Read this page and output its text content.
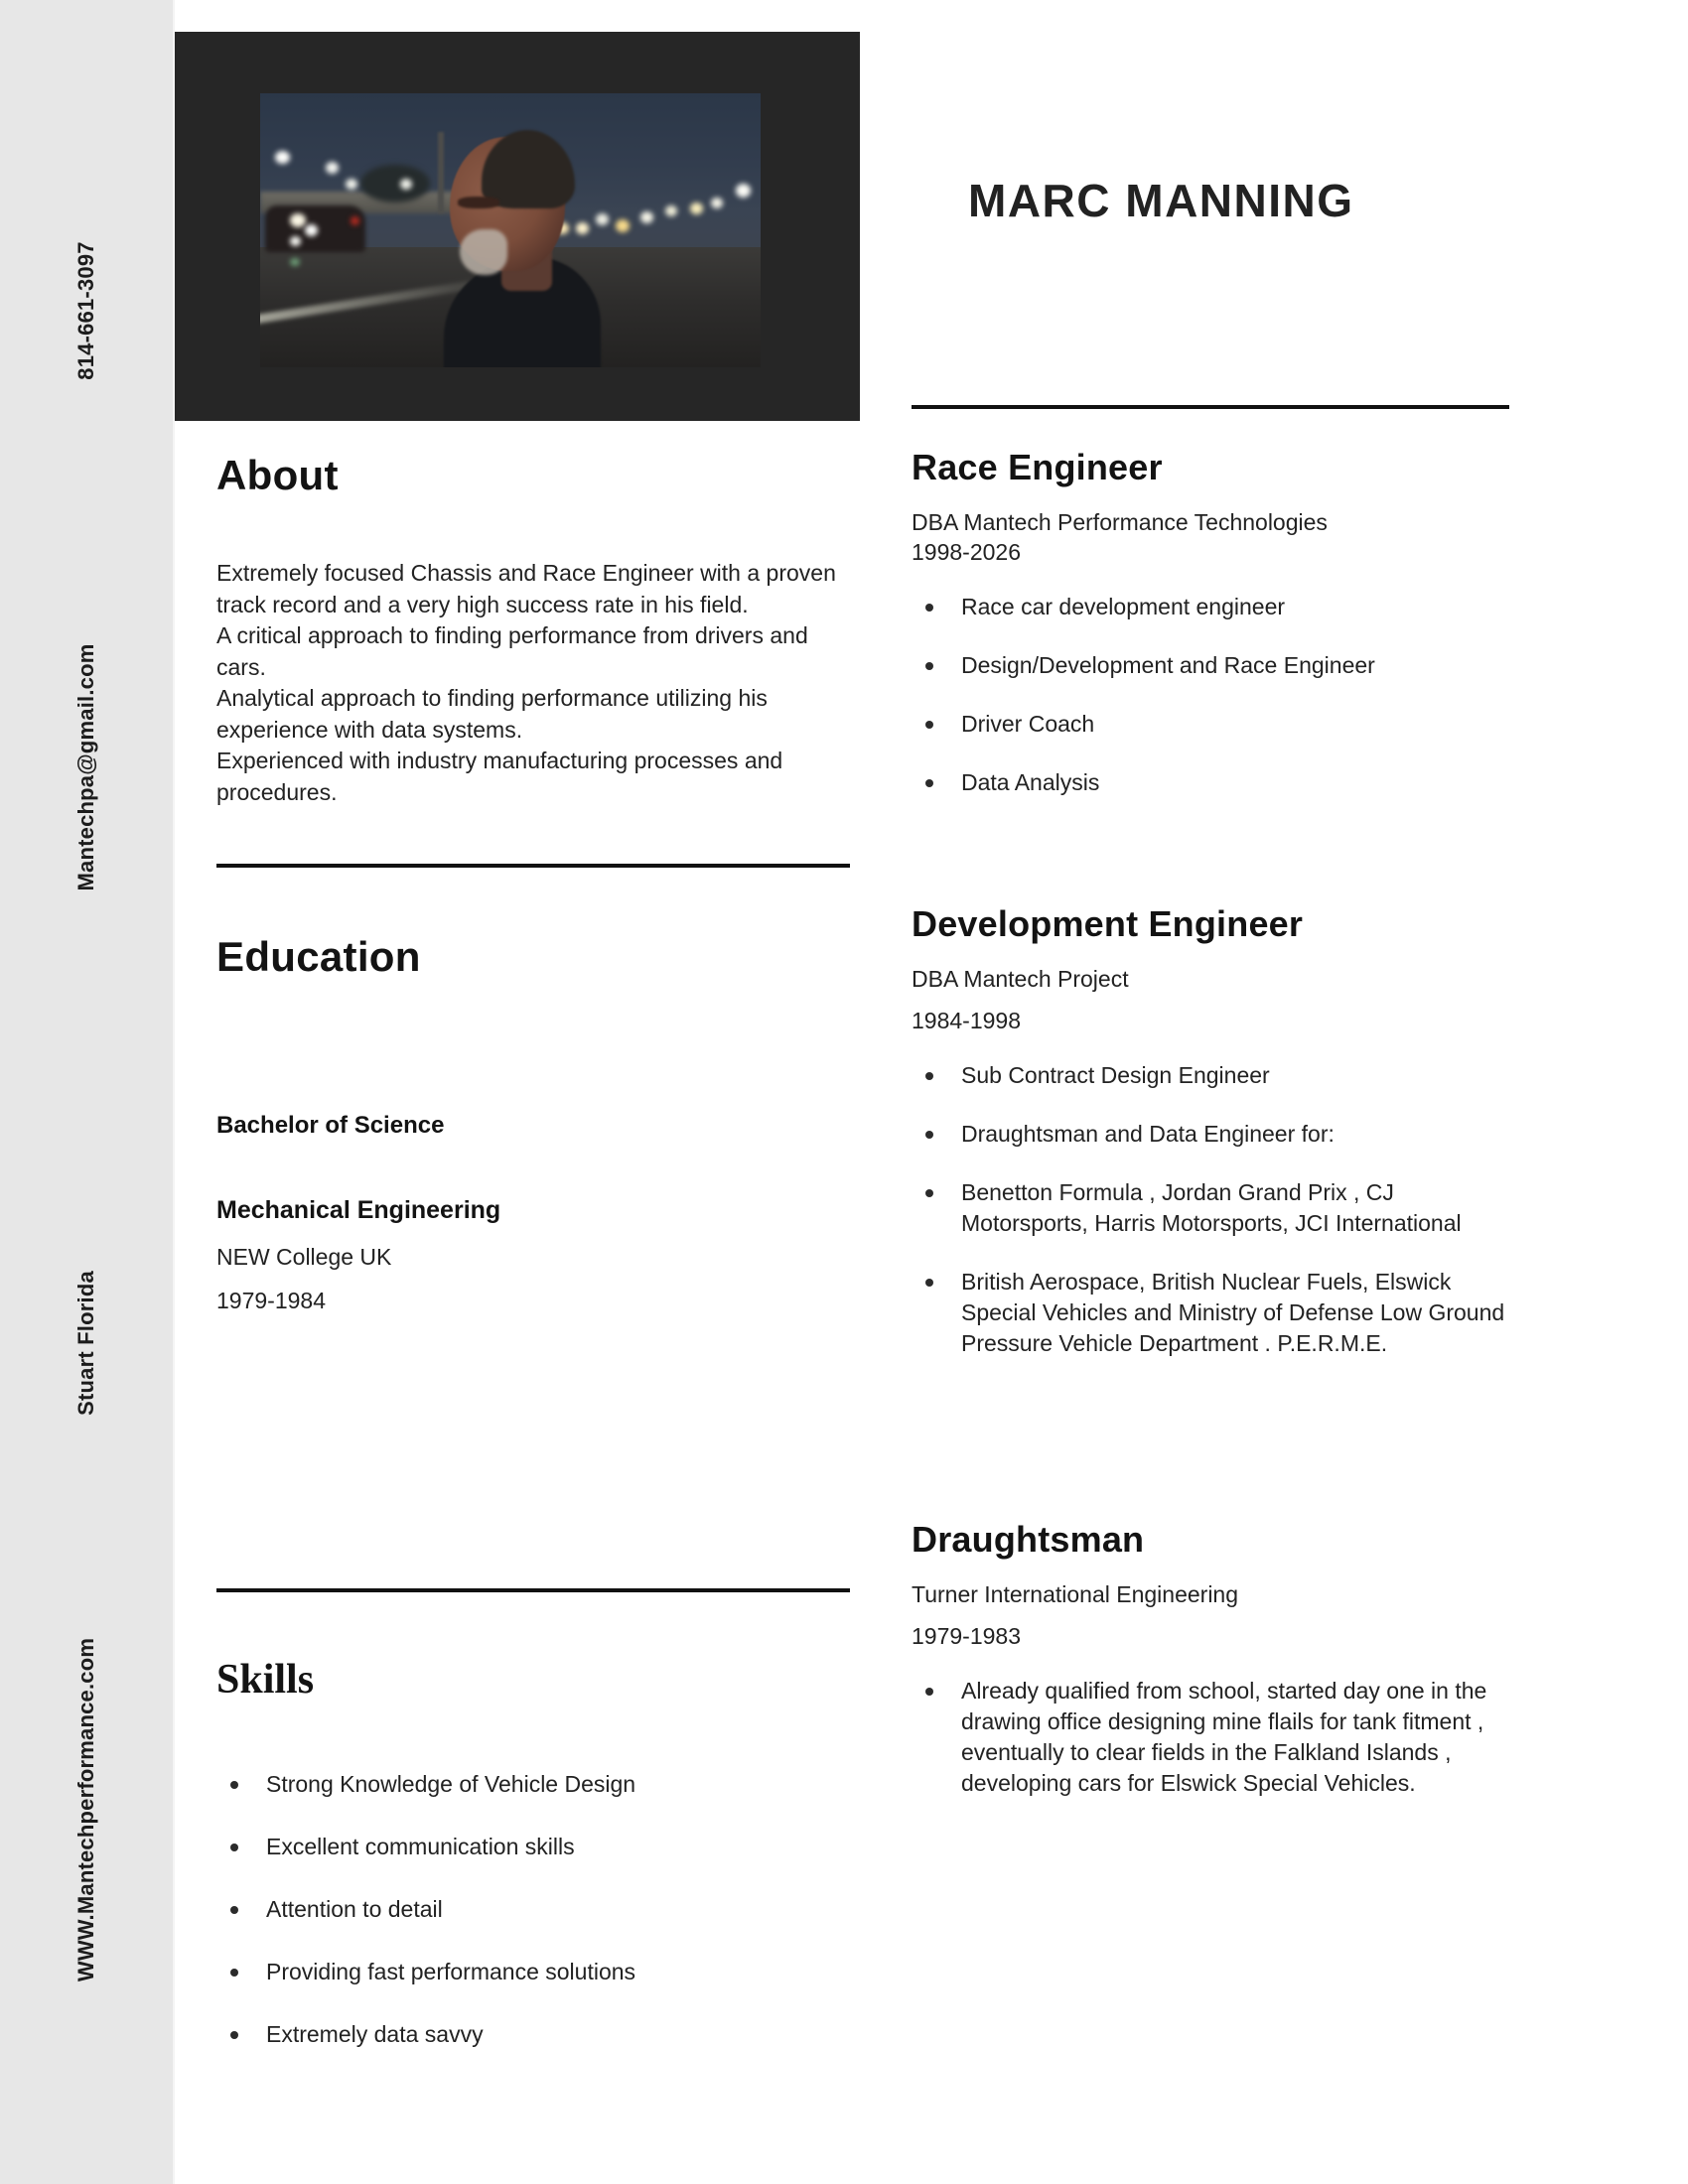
814-661-3097
Mantechpa@gmail.com
Stuart Florida
WWW.Mantechperformance.com
MARC MANNING
About
Extremely focused Chassis and Race Engineer with a proven track record and a very high success rate in his field.
A critical approach to finding performance from drivers and cars.
Analytical approach to finding performance utilizing his experience with data systems.
Experienced with industry manufacturing processes and procedures.
Education
Bachelor of Science
Mechanical Engineering
NEW College UK
1979-1984
Skills
Strong Knowledge of Vehicle Design
Excellent communication skills
Attention to detail
Providing fast performance solutions
Extremely data savvy
Race Engineer
DBA Mantech Performance Technologies
1998-2026
Race car development engineer
Design/Development and Race Engineer
Driver Coach
Data Analysis
Development Engineer
DBA Mantech Project
1984-1998
Sub Contract Design Engineer
Draughtsman and Data Engineer for:
Benetton Formula , Jordan Grand Prix , CJ Motorsports, Harris Motorsports, JCI International
British Aerospace, British Nuclear Fuels, Elswick Special Vehicles and Ministry of Defense Low Ground Pressure Vehicle Department . P.E.R.M.E.
Draughtsman
Turner International Engineering
1979-1983
Already qualified from school, started day one in the drawing office designing mine flails for tank fitment , eventually to clear fields in the Falkland Islands , developing cars for Elswick Special Vehicles.
